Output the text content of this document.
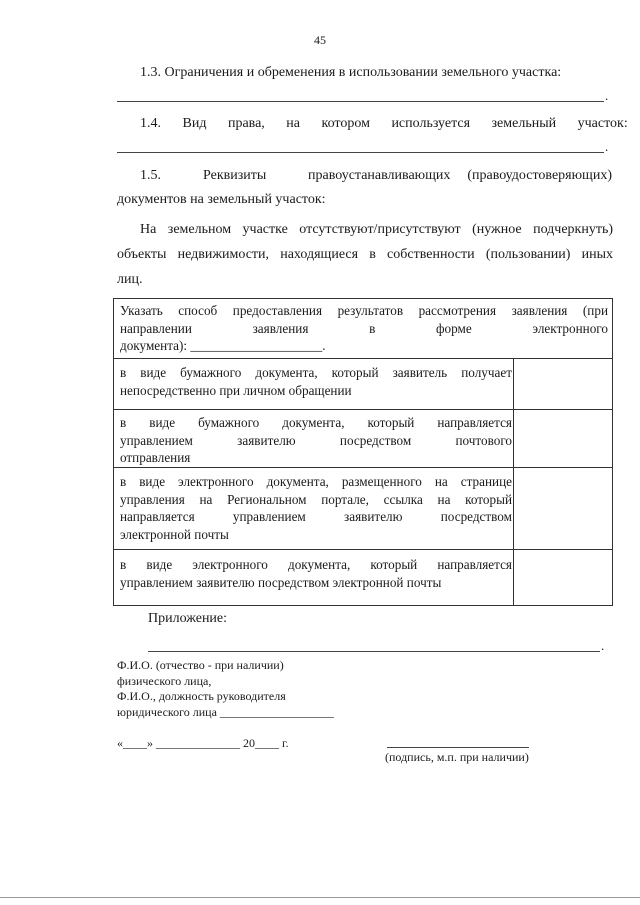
45
1.3. Ограничения и обременения в использовании земельного участка:
.
1.4. Вид права, на котором используется земельный участок:
.
1.5.	Реквизиты	правоустанавливающих (правоудостоверяющих)
документов на земельный участок:
На земельном участке отсутствуют/присутствуют (нужное подчеркнуть)
объекты недвижимости, находящиеся в собственности (пользовании) иных
лиц.
Указать способ предоставления результатов рассмотрения заявления (при
направлении заявления в форме электронного
документа): ____________________.
в виде бумажного документа, который заявитель получает
непосредственно при личном обращении
в виде бумажного документа, который направляется
управлением заявителю посредством почтового
отправления
в виде электронного документа, размещенного на странице
управления на Региональном портале, ссылка на который
направляется управлением заявителю посредством
электронной почты
в виде электронного документа, который направляется
управлением заявителю посредством электронной почты
Приложение:
.
Ф.И.О. (отчество - при наличии)
физического лица,
Ф.И.О., должность руководителя
юридического лица ___________________
«____» ______________ 20____ г.
(подпись, м.п. при наличии)
